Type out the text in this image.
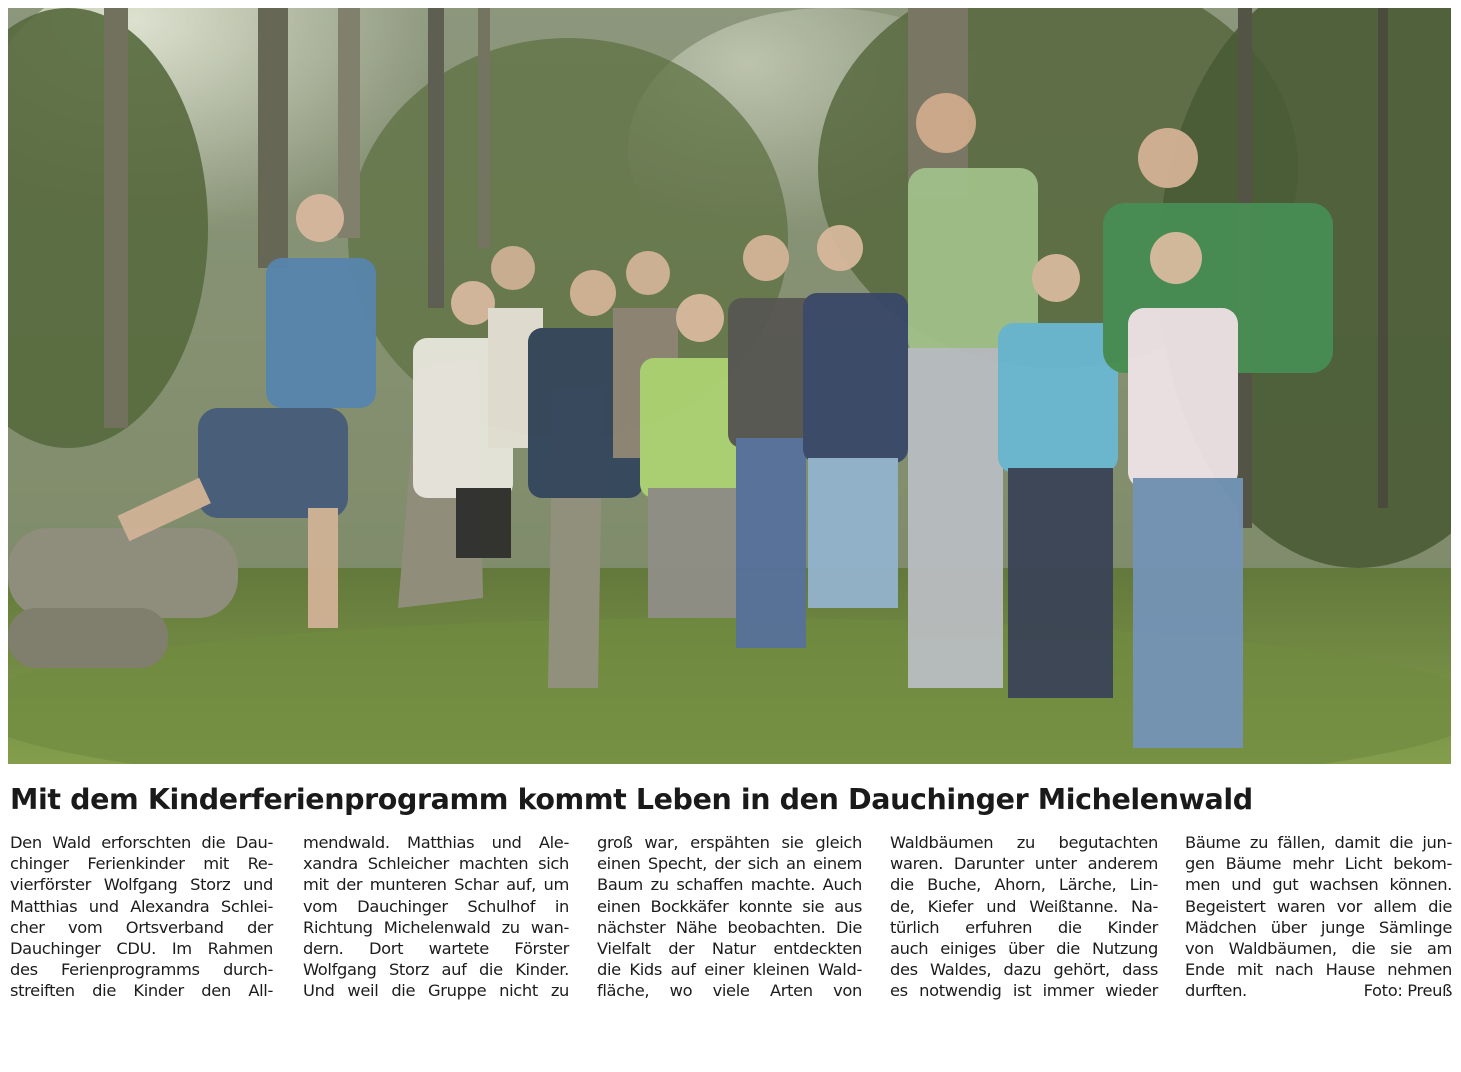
Mit dem Kinderferienprogramm kommt Leben in den Dauchinger Michelenwald
Den Wald erforschten die Dau-
chinger Ferienkinder mit Re-
vierförster Wolfgang Storz und
Matthias und Alexandra Schlei-
cher vom Ortsverband der
Dauchinger CDU. Im Rahmen
des Ferienprogramms durch-
streiften die Kinder den All-
mendwald. Matthias und Ale-
xandra Schleicher machten sich
mit der munteren Schar auf, um
vom Dauchinger Schulhof in
Richtung Michelenwald zu wan-
dern. Dort wartete Förster
Wolfgang Storz auf die Kinder.
Und weil die Gruppe nicht zu
groß war, erspähten sie gleich
einen Specht, der sich an einem
Baum zu schaffen machte. Auch
einen Bockkäfer konnte sie aus
nächster Nähe beobachten. Die
Vielfalt der Natur entdeckten
die Kids auf einer kleinen Wald-
fläche, wo viele Arten von
Waldbäumen zu begutachten
waren. Darunter unter anderem
die Buche, Ahorn, Lärche, Lin-
de, Kiefer und Weißtanne. Na-
türlich erfuhren die Kinder
auch einiges über die Nutzung
des Waldes, dazu gehört, dass
es notwendig ist immer wieder
Bäume zu fällen, damit die jun-
gen Bäume mehr Licht bekom-
men und gut wachsen können.
Begeistert waren vor allem die
Mädchen über junge Sämlinge
von Waldbäumen, die sie am
Ende mit nach Hause nehmen
durften.	Foto: Preuß
